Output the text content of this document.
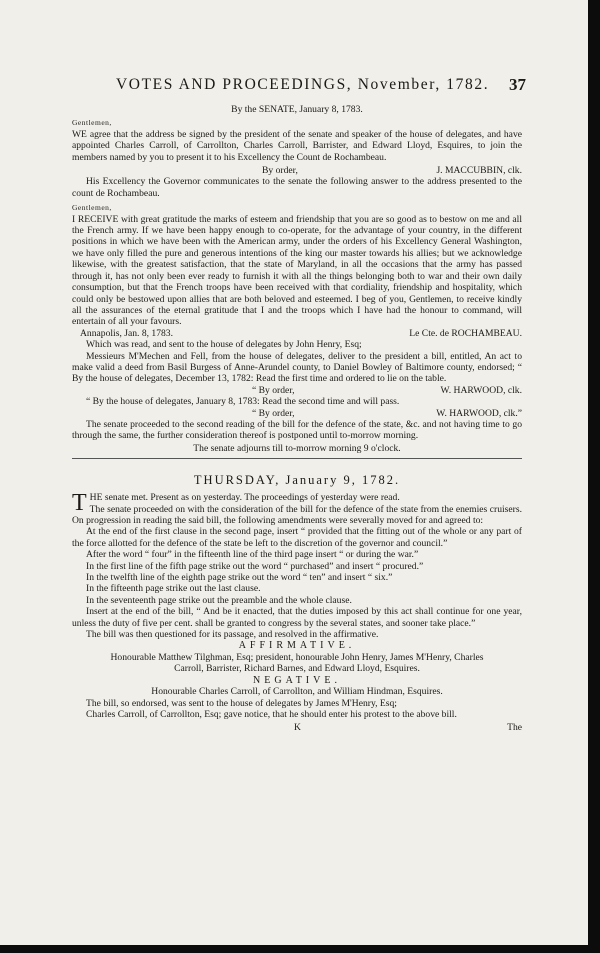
VOTES AND PROCEEDINGS, November, 1782. 37

By the SENATE, January 8, 1783.

Gentlemen,

WE agree that the address be signed by the president of the senate and speaker of the house of delegates, and have appointed Charles Carroll, of Carrollton, Charles Carroll, Barrister, and Edward Lloyd, Esquires, to join the members named by you to present it to his Excellency the Count de Rochambeau.

By order,	J. MACCUBBIN, clk.

His Excellency the Governor communicates to the senate the following answer to the address presented to the count de Rochambeau.

Gentlemen,

I RECEIVE with great gratitude the marks of esteem and friendship that you are so good as to bestow on me and all the French army. If we have been happy enough to co-operate, for the advantage of your country, in the different positions in which we have been with the American army, under the orders of his Excellency General Washington, we have only filled the pure and generous intentions of the king our master towards his allies; but we acknowledge likewise, with the greatest satisfaction, that the state of Maryland, in all the occasions that the army has passed through it, has not only been ever ready to furnish it with all the things belonging both to war and their own daily consumption, but that the French troops have been received with that cordiality, friendship and hospitality, which could only be bestowed upon allies that are both beloved and esteemed. I beg of you, Gentlemen, to receive kindly all the assurances of the eternal gratitude that I and the troops which I have had the honour to command, will entertain of all your favours.

Annapolis, Jan. 8, 1783.	Le Cte. de ROCHAMBEAU.

Which was read, and sent to the house of delegates by John Henry, Esq;

Messieurs M'Mechen and Fell, from the house of delegates, deliver to the president a bill, entitled, An act to make valid a deed from Basil Burgess of Anne-Arundel county, to Daniel Bowley of Baltimore county, endorsed; “ By the house of delegates, December 13, 1782: Read the first time and ordered to lie on the table.

“ By order,	W. HARWOOD, clk.

“ By the house of delegates, January 8, 1783: Read the second time and will pass.

“ By order,	W. HARWOOD, clk.”

The senate proceeded to the second reading of the bill for the defence of the state, &c. and not having time to go through the same, the further consideration thereof is postponed until to-morrow morning.

The senate adjourns till to-morrow morning 9 o'clock.

THURSDAY, January 9, 1782.

T HE senate met. Present as on yesterday. The proceedings of yesterday were read.

The senate proceeded on with the consideration of the bill for the defence of the state from the enemies cruisers. On progression in reading the said bill, the following amendments were severally moved for and agreed to:

At the end of the first clause in the second page, insert “ provided that the fitting out of the whole or any part of the force allotted for the defence of the state be left to the discretion of the governor and council.”

After the word “ four” in the fifteenth line of the third page insert “ or during the war.”

In the first line of the fifth page strike out the word “ purchased” and insert “ procured.”

In the twelfth line of the eighth page strike out the word “ ten” and insert “ six.”

In the fifteenth page strike out the last clause.

In the seventeenth page strike out the preamble and the whole clause.

Insert at the end of the bill, “ And be it enacted, that the duties imposed by this act shall continue for one year, unless the duty of five per cent. shall be granted to congress by the several states, and sooner take place.”

The bill was then questioned for its passage, and resolved in the affirmative.

AFFIRMATIVE.

Honourable Matthew Tilghman, Esq; president, honourable John Henry, James M'Henry, Charles Carroll, Barrister, Richard Barnes, and Edward Lloyd, Esquires.

NEGATIVE.

Honourable Charles Carroll, of Carrollton, and William Hindman, Esquires.

The bill, so endorsed, was sent to the house of delegates by James M'Henry, Esq;

Charles Carroll, of Carrollton, Esq; gave notice, that he should enter his protest to the above bill.

K	The
